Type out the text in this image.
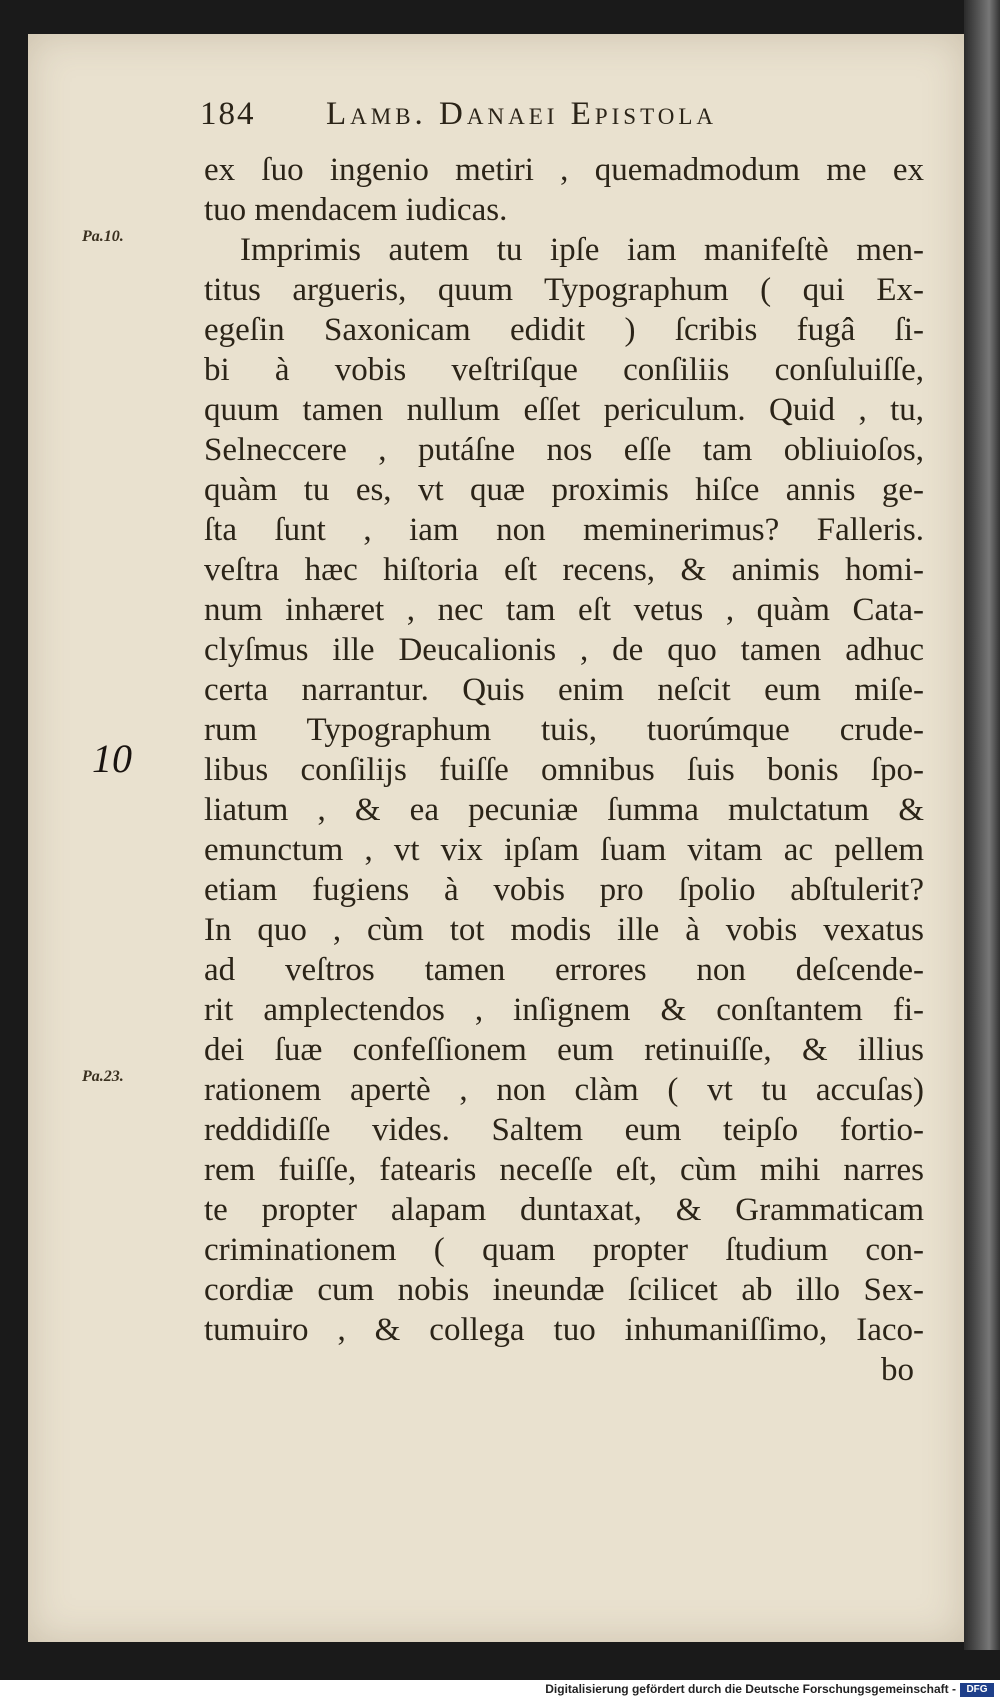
184 Lamb. Danaei Epistola
Pa.10.
Pa.23.
10
ex ſuo ingenio metiri , quemadmodum me ex
tuo mendacem iudicas.
Imprimis autem tu ipſe iam manifeſtè men-
titus argueris, quum Typographum ( qui Ex-
egeſin Saxonicam edidit ) ſcribis fugâ ſi-
bi à vobis veſtriſque conſiliis conſuluiſſe,
quum tamen nullum eſſet periculum. Quid , tu,
Selneccere , putáſne nos eſſe tam obliuioſos,
quàm tu es, vt quæ proximis hiſce annis ge-
ſta ſunt , iam non meminerimus? Falleris.
veſtra hæc hiſtoria eſt recens, & animis homi-
num inhæret , nec tam eſt vetus , quàm Cata-
clyſmus ille Deucalionis , de quo tamen adhuc
certa narrantur. Quis enim neſcit eum miſe-
rum Typographum tuis, tuorúmque crude-
libus conſilijs fuiſſe omnibus ſuis bonis ſpo-
liatum , & ea pecuniæ ſumma mulctatum &
emunctum , vt vix ipſam ſuam vitam ac pellem
etiam fugiens à vobis pro ſpolio abſtulerit?
In quo , cùm tot modis ille à vobis vexatus
ad veſtros tamen errores non deſcende-
rit amplectendos , inſignem & conſtantem fi-
dei ſuæ confeſſionem eum retinuiſſe, & illius
rationem apertè , non clàm ( vt tu accuſas)
reddidiſſe vides. Saltem eum teipſo fortio-
rem fuiſſe, fatearis neceſſe eſt, cùm mihi narres
te propter alapam duntaxat, & Grammaticam
criminationem ( quam propter ſtudium con-
cordiæ cum nobis ineundæ ſcilicet ab illo Sex-
tumuiro , & collega tuo inhumaniſſimo, Iaco-
bo
Digitalisierung gefördert durch die Deutsche Forschungsgemeinschaft -	DFG
